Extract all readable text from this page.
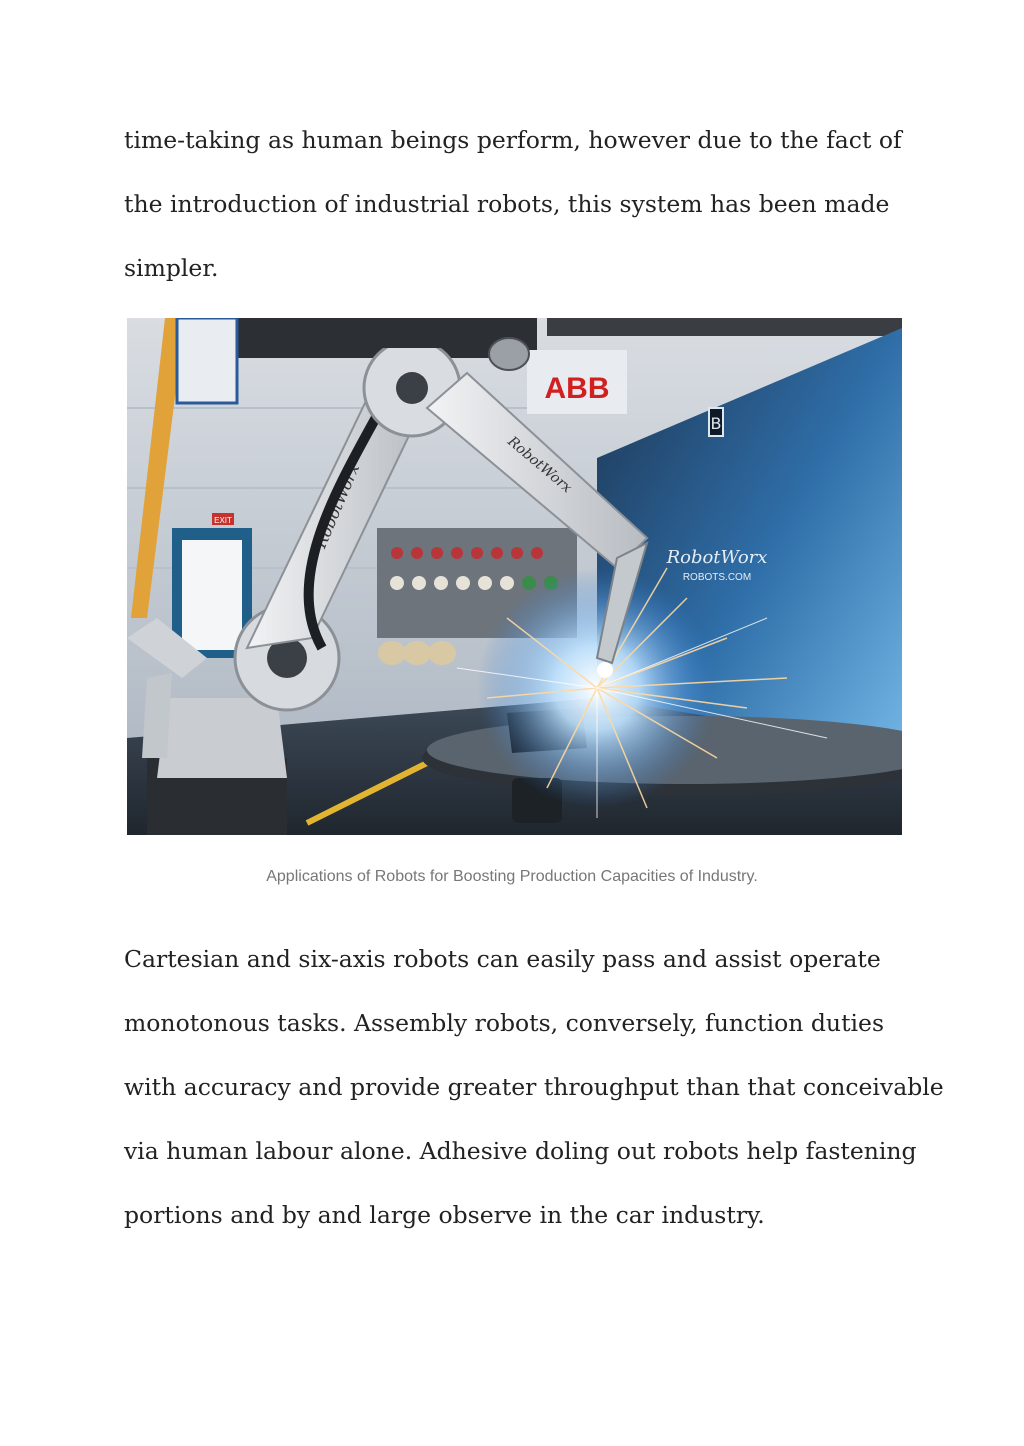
time-taking as human beings perform, however due to the fact of
the introduction of industrial robots, this system has been made
simpler.

EXIT
ABB
B
RobotWorx
ROBOTS.COM
RobotWorx	RobotWorx
Applications of Robots for Boosting Production Capacities of Industry.

Cartesian and six-axis robots can easily pass and assist operate
monotonous tasks. Assembly robots, conversely, function duties
with accuracy and provide greater throughput than that conceivable
via human labour alone. Adhesive doling out robots help fastening
portions and by and large observe in the car industry.
